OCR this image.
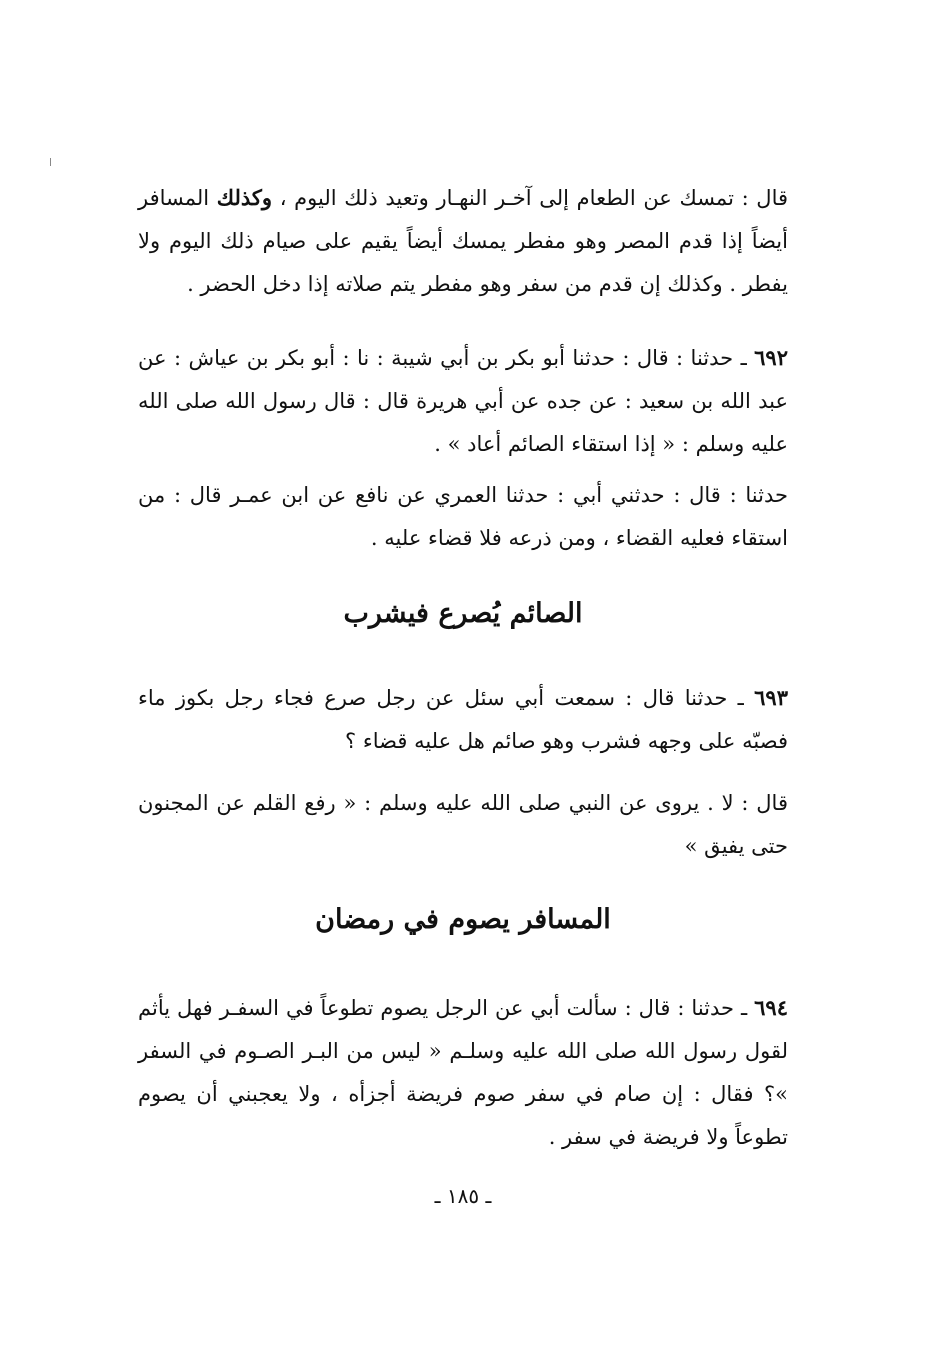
قال : تمسك عن الطعام إلى آخـر النهـار وتعيد ذلك اليوم ، وكذلك المسافر أيضاً إذا قدم المصر وهو مفطر يمسك أيضاً يقيم على صيام ذلك اليوم ولا يفطر . وكذلك إن قدم من سفر وهو مفطر يتم صلاته إذا دخل الحضر .
٦٩٢ ـ حدثنا : قال : حدثنا أبو بكر بن أبي شيبة : نا : أبو بكر بن عياش : عن عبد الله بن سعيد : عن جده عن أبي هريرة قال : قال رسول الله صلى الله عليه وسلم : « إذا استقاء الصائم أعاد » .
حدثنا : قال : حدثني أبي : حدثنا العمري عن نافع عن ابن عمـر قال : من استقاء فعليه القضاء ، ومن ذرعه فلا قضاء عليه .
الصائم يُصرع فيشرب
٦٩٣ ـ حدثنا قال : سمعت أبي سئل عن رجل صرع فجاء رجل بكوز ماء فصبّه على وجهه فشرب وهو صائم هل عليه قضاء ؟
قال : لا . يروى عن النبي صلى الله عليه وسلم : « رفع القلم عن المجنون حتى يفيق »
المسافر يصوم في رمضان
٦٩٤ ـ حدثنا : قال : سألت أبي عن الرجل يصوم تطوعاً في السفـر فهل يأثم لقول رسول الله صلى الله عليه وسلـم « ليس من البـر الصـوم في السفر »؟ فقال : إن صام في سفر صوم فريضة أجزأه ، ولا يعجبني أن يصوم تطوعاً ولا فريضة في سفر .
ـ ١٨٥ ـ
